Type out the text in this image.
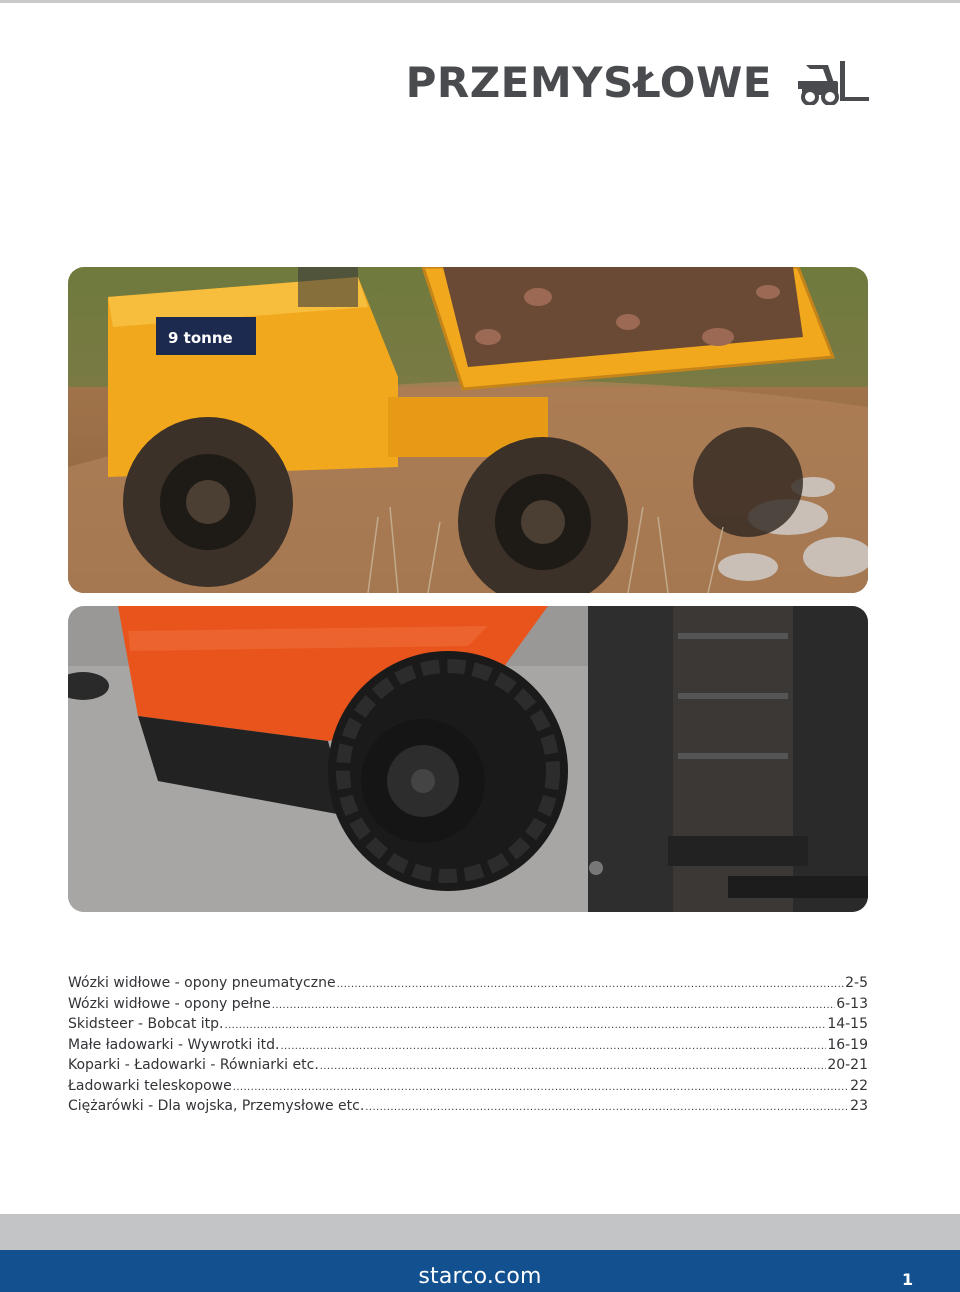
PRZEMYSŁOWE
9 tonne
Wózki widłowe - opony pneumatyczne .....	2-5
Wózki widłowe - opony pełne .....	6-13
Skidsteer - Bobcat itp. .....	14-15
Małe ładowarki - Wywrotki itd. .....	16-19
Koparki - Ładowarki - Równiarki etc. .....	20-21
Ładowarki teleskopowe .....	22
Ciężarówki - Dla wojska, Przemysłowe etc. .....	23
starco.com	1
